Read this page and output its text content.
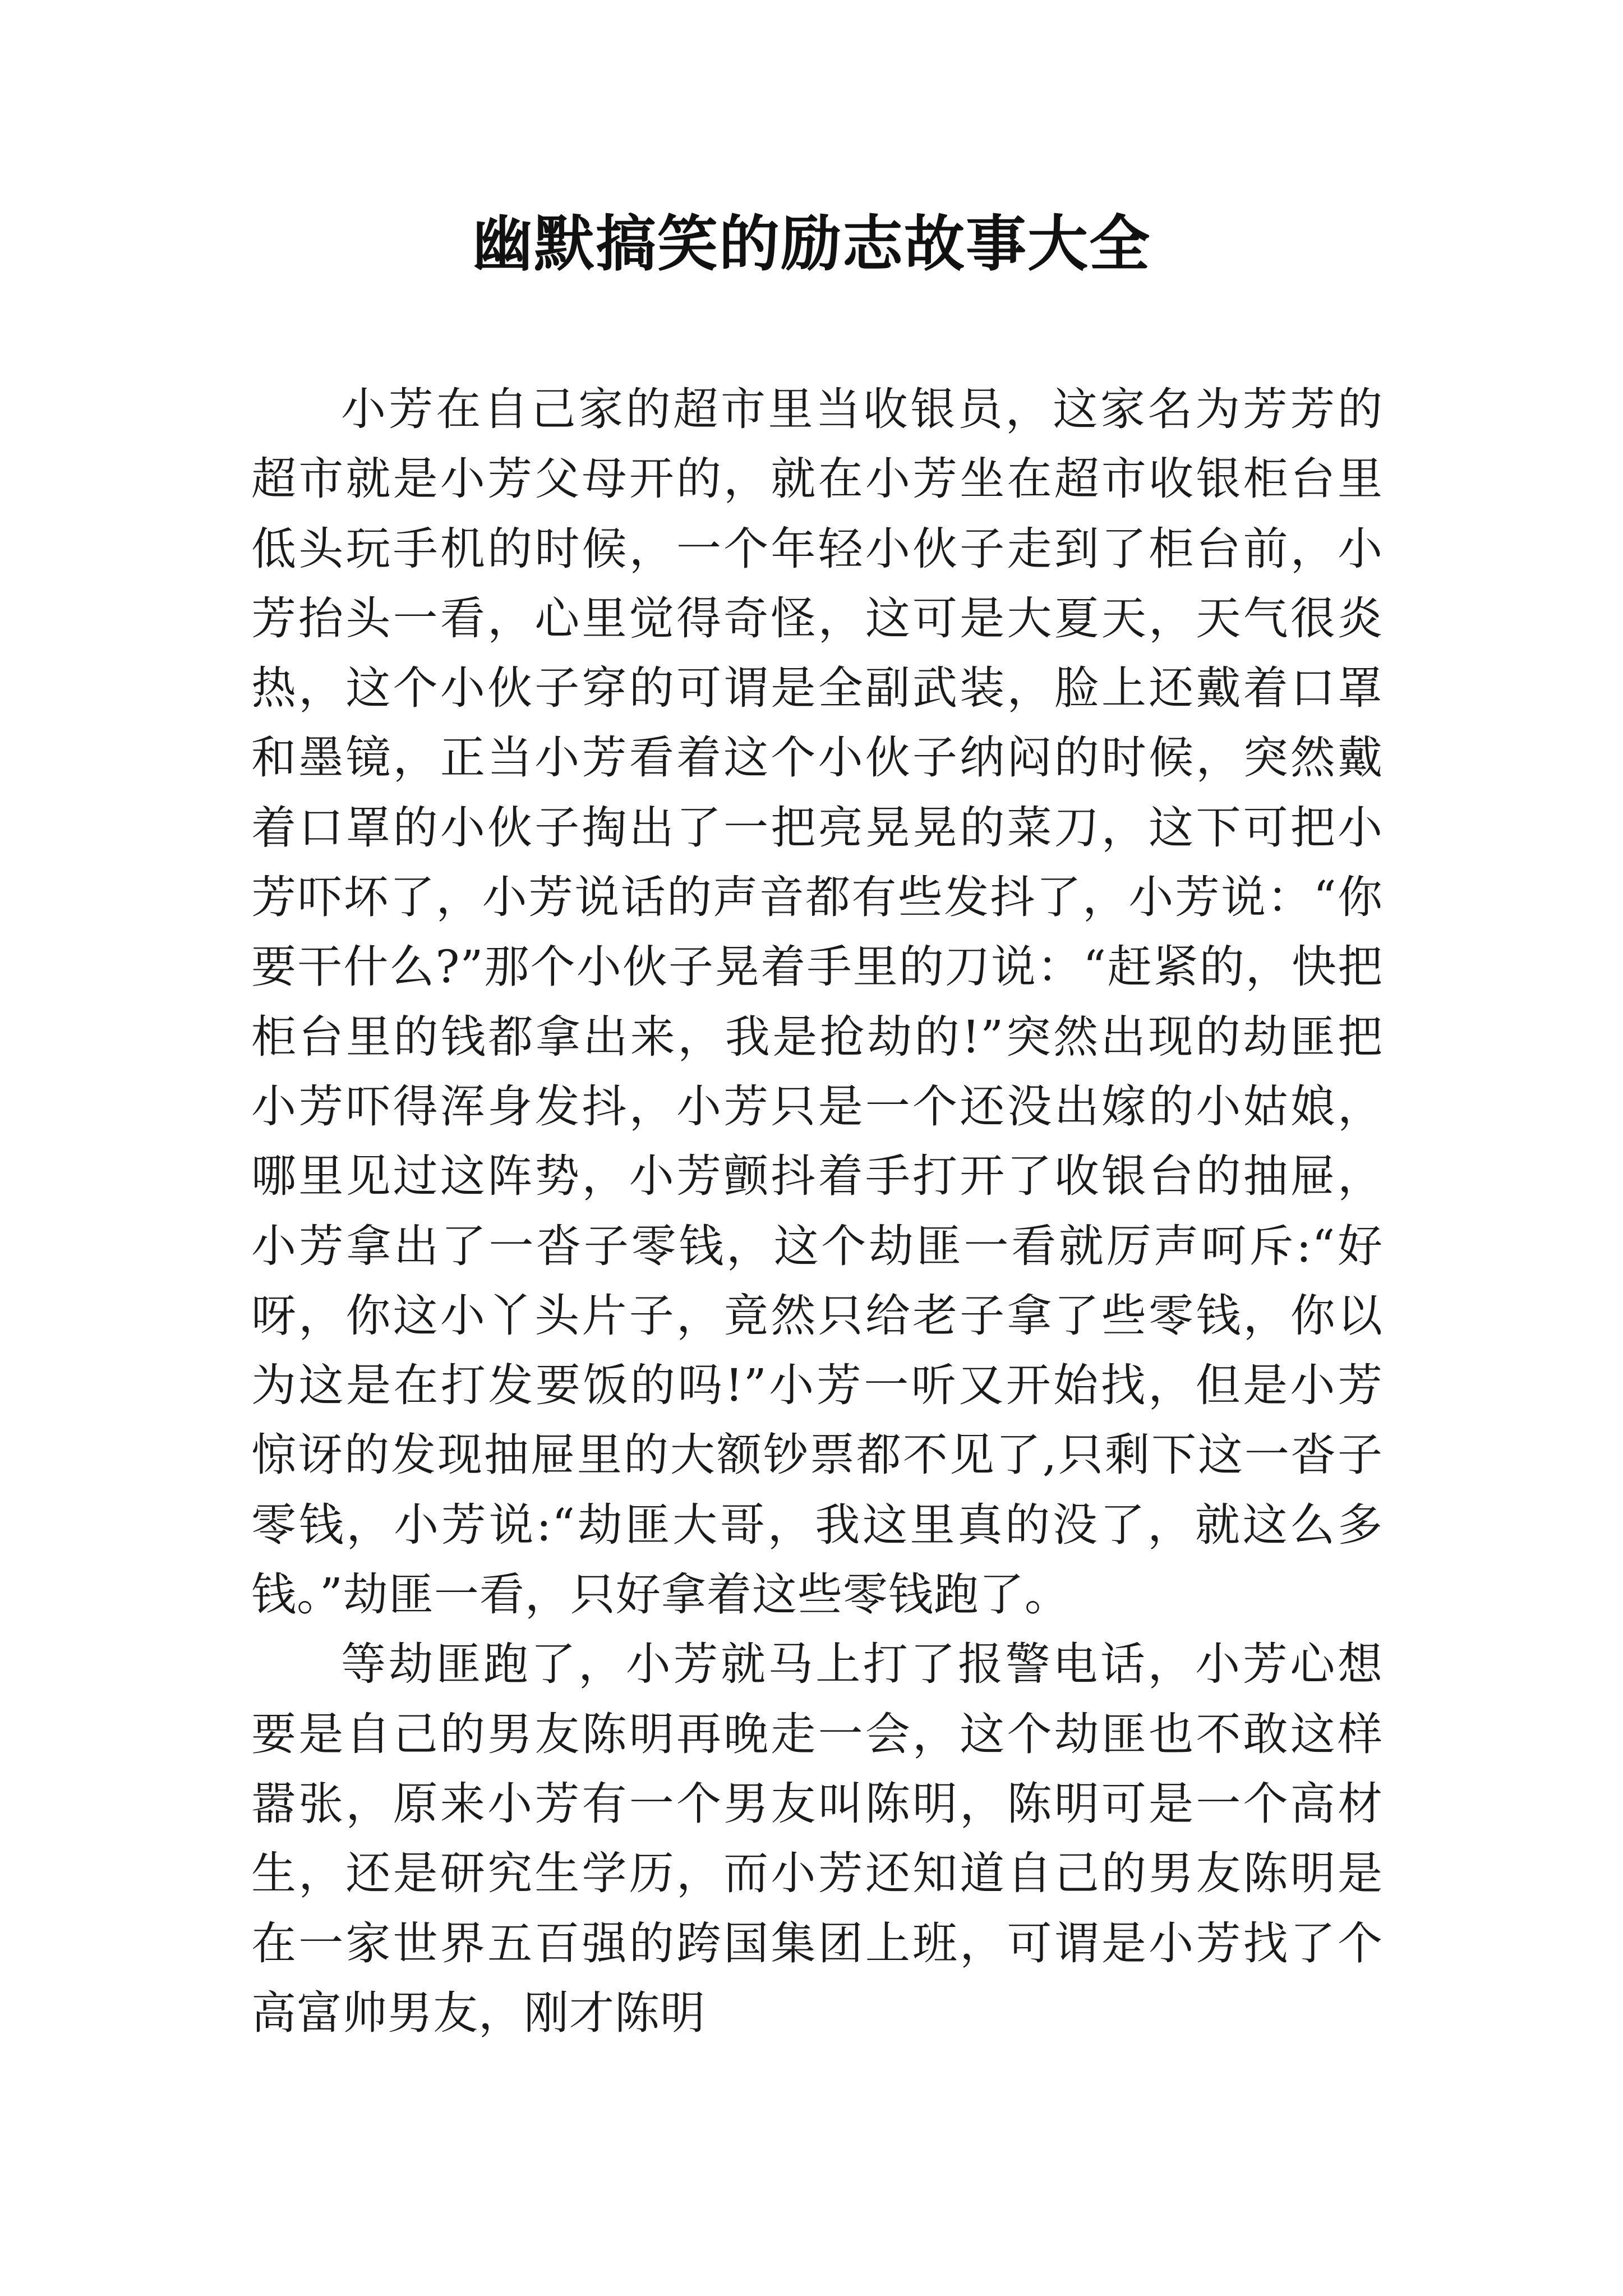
幽默搞笑的励志故事大全

小芳在自己家的超市里当收银员，这家名为芳芳的超市就是小芳父母开的，就在小芳坐在超市收银柜台里低头玩手机的时候，一个年轻小伙子走到了柜台前，小芳抬头一看，心里觉得奇怪，这可是大夏天，天气很炎热，这个小伙子穿的可谓是全副武装，脸上还戴着口罩和墨镜，正当小芳看着这个小伙子纳闷的时候，突然戴着口罩的小伙子掏出了一把亮晃晃的菜刀，这下可把小芳吓坏了，小芳说话的声音都有些发抖了，小芳说：“你要干什么?”那个小伙子晃着手里的刀说：“赶紧的，快把柜台里的钱都拿出来，我是抢劫的!”突然出现的劫匪把小芳吓得浑身发抖，小芳只是一个还没出嫁的小姑娘，哪里见过这阵势，小芳颤抖着手打开了收银台的抽屉，小芳拿出了一沓子零钱，这个劫匪一看就厉声呵斥:“好呀，你这小丫头片子，竟然只给老子拿了些零钱，你以为这是在打发要饭的吗!”小芳一听又开始找，但是小芳惊讶的发现抽屉里的大额钞票都不见了,只剩下这一沓子零钱，小芳说:“劫匪大哥，我这里真的没了，就这么多钱。”劫匪一看，只好拿着这些零钱跑了。

等劫匪跑了，小芳就马上打了报警电话，小芳心想要是自己的男友陈明再晚走一会，这个劫匪也不敢这样嚣张，原来小芳有一个男友叫陈明，陈明可是一个高材生，还是研究生学历，而小芳还知道自己的男友陈明是在一家世界五百强的跨国集团上班，可谓是小芳找了个高富帅男友，刚才陈明
